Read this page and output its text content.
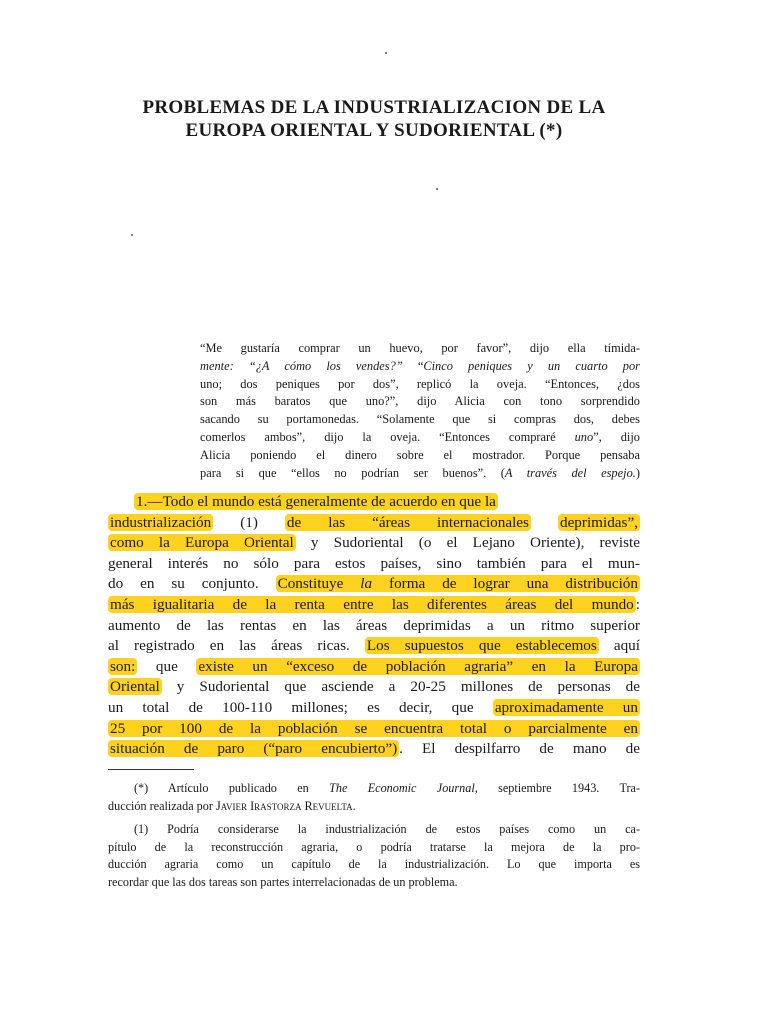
PROBLEMAS DE LA INDUSTRIALIZACION DE LA
EUROPA ORIENTAL Y SUDORIENTAL (*)
“Me gustaría comprar un huevo, por favor”, dijo ella tímida-
mente: “¿A cómo los vendes?” “Cinco peniques y un cuarto por
uno; dos peniques por dos”, replicó la oveja. “Entonces, ¿dos
son más baratos que uno?”, dijo Alicia con tono sorprendido
sacando su portamonedas. “Solamente que si compras dos, debes
comerlos ambos”, dijo la oveja. “Entonces compraré uno”, dijo
Alicia poniendo el dinero sobre el mostrador. Porque pensaba
para si que “ellos no podrían ser buenos”. (A través del espejo.)
1.—Todo el mundo está generalmente de acuerdo en que la
industrialización (1) de las “áreas internacionales deprimidas”,
como la Europa Oriental y Sudoriental (o el Lejano Oriente), reviste
general interés no sólo para estos países, sino también para el mun-
do en su conjunto. Constituye la forma de lograr una distribución
más igualitaria de la renta entre las diferentes áreas del mundo :
aumento de las rentas en las áreas deprimidas a un ritmo superior
al registrado en las áreas ricas. Los supuestos que establecemos aquí
son: que existe un “exceso de población agraria” en la Europa
Oriental y Sudoriental que asciende a 20-25 millones de personas de
un total de 100-110 millones; es decir, que aproximadamente un
25 por 100 de la población se encuentra total o parcialmente en
situación de paro (“paro encubierto”) . El despilfarro de mano de
(*) Artículo publicado en The Economic Journal, septiembre 1943. Tra-
ducción realizada por Javier Irastorza Revuelta.
(1) Podría considerarse la industrialización de estos países como un ca-
pítulo de la reconstrucción agraria, o podría tratarse la mejora de la pro-
ducción agraria como un capítulo de la industrialización. Lo que importa es
recordar que las dos tareas son partes interrelacionadas de un problema.
